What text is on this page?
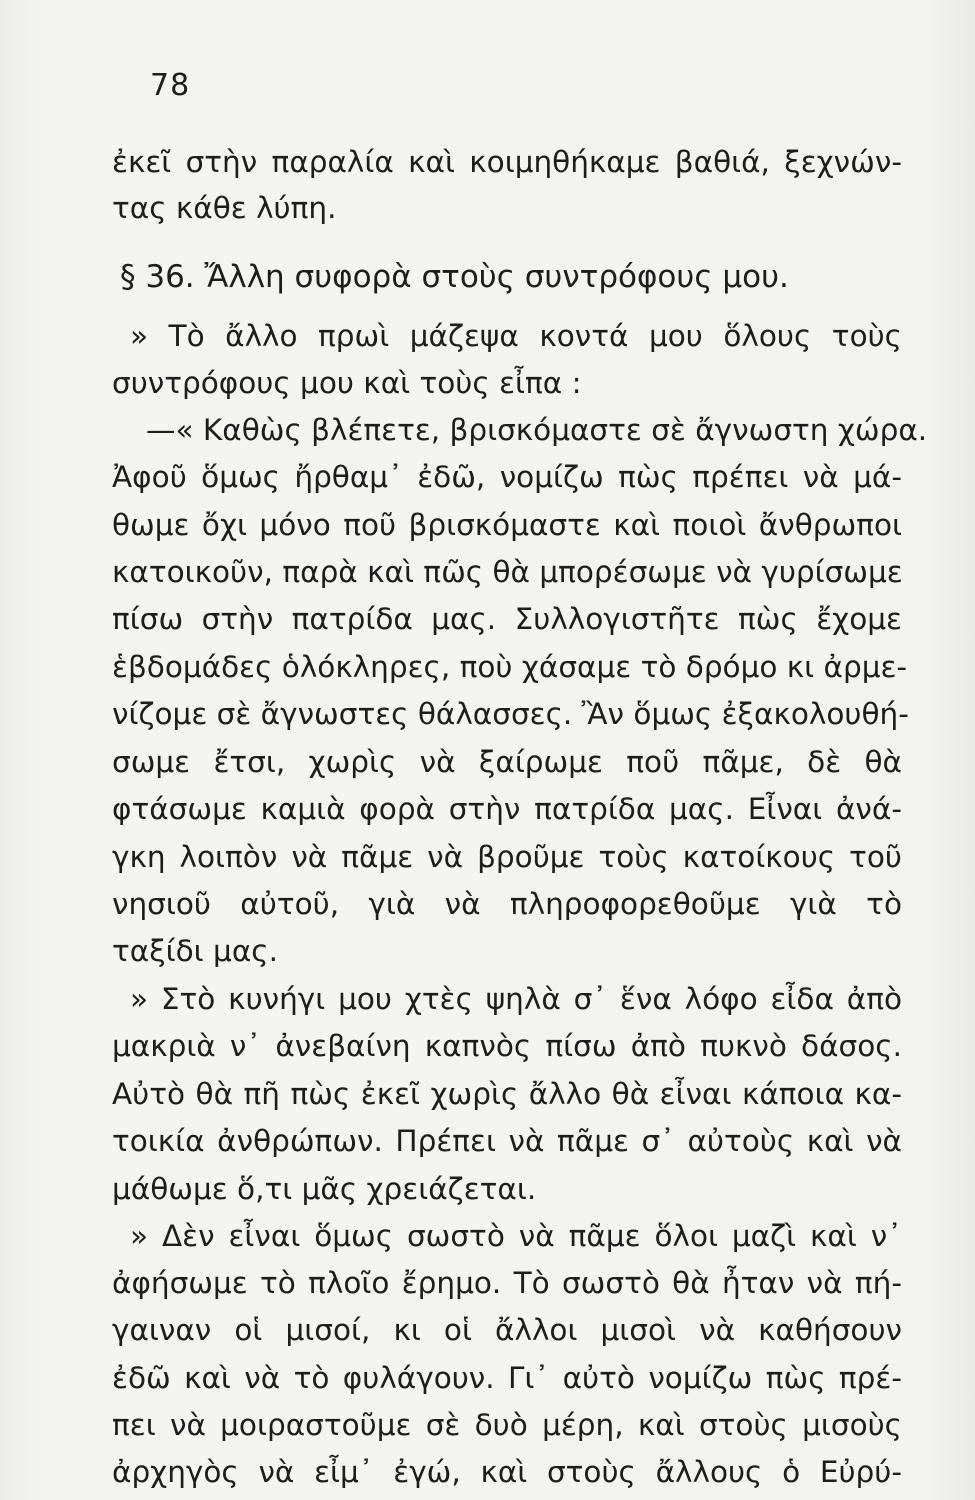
78
ἐκεῖ στὴν παραλία καὶ κοιμηθήκαμε βαθιά, ξεχνών-
τας κάθε λύπη.
§ 36. Ἄλλη συφορὰ στοὺς συντρόφους μου.
» Τὸ ἄλλο πρωὶ μάζεψα κοντά μου ὅλους τοὺς
συντρόφους μου καὶ τοὺς εἶπα :
—« Καθὼς βλέπετε, βρισκόμαστε σὲ ἄγνωστη χώρα.
Ἀφοῦ ὅμως ἤρθαμ᾿ ἐδῶ, νομίζω πὼς πρέπει νὰ μά-
θωμε ὄχι μόνο ποῦ βρισκόμαστε καὶ ποιοὶ ἄνθρωποι
κατοικοῦν, παρὰ καὶ πῶς θὰ μπορέσωμε νὰ γυρίσωμε
πίσω στὴν πατρίδα μας. Συλλογιστῆτε πὼς ἔχομε
ἑβδομάδες ὁλόκληρες, ποὺ χάσαμε τὸ δρόμο κι ἀρμε-
νίζομε σὲ ἄγνωστες θάλασσες. Ἂν ὅμως ἐξακολουθή-
σωμε ἔτσι, χωρὶς νὰ ξαίρωμε ποῦ πᾶμε, δὲ θὰ
φτάσωμε καμιὰ φορὰ στὴν πατρίδα μας. Εἶναι ἀνά-
γκη λοιπὸν νὰ πᾶμε νὰ βροῦμε τοὺς κατοίκους τοῦ
νησιοῦ αὐτοῦ, γιὰ νὰ πληροφορεθοῦμε γιὰ τὸ
ταξίδι μας.
» Στὸ κυνήγι μου χτὲς ψηλὰ σ᾿ ἕνα λόφο εἶδα ἀπὸ
μακριὰ ν᾿ ἀνεβαίνη καπνὸς πίσω ἀπὸ πυκνὸ δάσος.
Αὐτὸ θὰ πῆ πὼς ἐκεῖ χωρὶς ἄλλο θὰ εἶναι κάποια κα-
τοικία ἀνθρώπων. Πρέπει νὰ πᾶμε σ᾿ αὐτοὺς καὶ νὰ
μάθωμε ὅ,τι μᾶς χρειάζεται.
» Δὲν εἶναι ὅμως σωστὸ νὰ πᾶμε ὅλοι μαζὶ καὶ ν᾿
ἀφήσωμε τὸ πλοῖο ἔρημο. Τὸ σωστὸ θὰ ἦταν νὰ πή-
γαιναν οἱ μισοί, κι οἱ ἄλλοι μισοὶ νὰ καθήσουν
ἐδῶ καὶ νὰ τὸ φυλάγουν. Γι᾿ αὐτὸ νομίζω πὼς πρέ-
πει νὰ μοιραστοῦμε σὲ δυὸ μέρη, καὶ στοὺς μισοὺς
ἀρχηγὸς νὰ εἶμ᾿ ἐγώ, καὶ στοὺς ἄλλους ὁ Εὐρύ-
